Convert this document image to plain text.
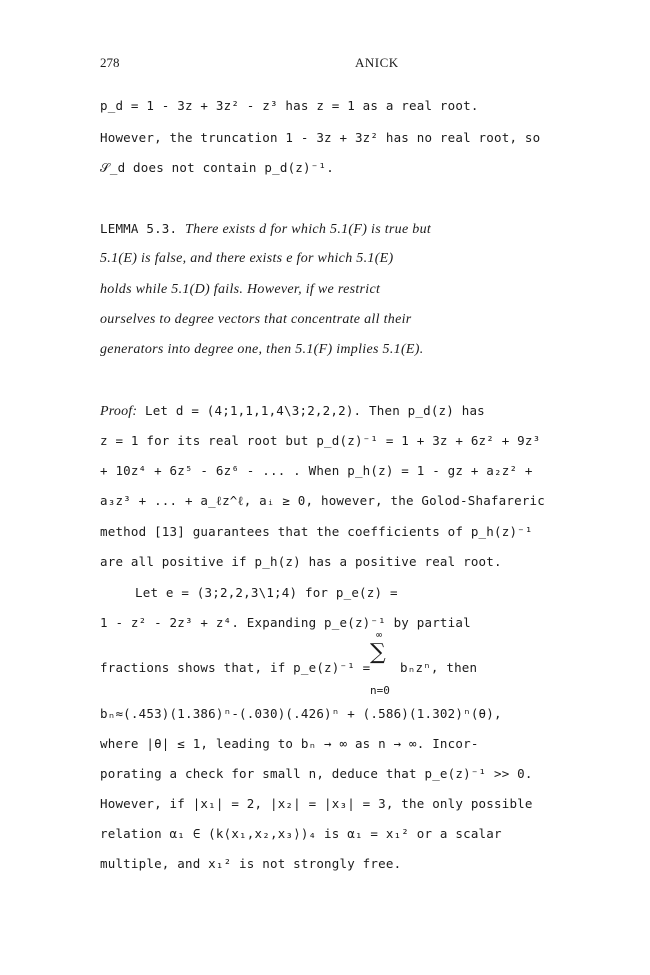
278	ANICK
p_d = 1 - 3z + 3z² - z³ has z = 1 as a real root.
However, the truncation 1 - 3z + 3z² has no real root, so
𝒮_d does not contain p_d(z)⁻¹.
LEMMA 5.3. There exists d for which 5.1(F) is true but
5.1(E) is false, and there exists e for which 5.1(E)
holds while 5.1(D) fails. However, if we restrict
ourselves to degree vectors that concentrate all their
generators into degree one, then 5.1(F) implies 5.1(E).
Proof: Let d = (4;1,1,1,4\3;2,2,2). Then p_d(z) has
z = 1 for its real root but p_d(z)⁻¹ = 1 + 3z + 6z² + 9z³
+ 10z⁴ + 6z⁵ - 6z⁶ - ... . When p_h(z) = 1 - gz + a₂z² +
a₃z³ + ... + a_ℓz^ℓ, aᵢ ≥ 0, however, the Golod-Shafareric
method [13] guarantees that the coefficients of p_h(z)⁻¹
are all positive if p_h(z) has a positive real root.
Let e = (3;2,2,3\1;4) for p_e(z) =
1 - z² - 2z³ + z⁴. Expanding p_e(z)⁻¹ by partial
fractions shows that, if p_e(z)⁻¹ =
∞
∑
n=0
bₙzⁿ, then
bₙ≈(.453)(1.386)ⁿ-(.030)(.426)ⁿ + (.586)(1.302)ⁿ(θ),
where |θ| ≤ 1, leading to bₙ → ∞ as n → ∞. Incor-
porating a check for small n, deduce that p_e(z)⁻¹ >> 0.
However, if |x₁| = 2, |x₂| = |x₃| = 3, the only possible
relation α₁ ∈ (k⟨x₁,x₂,x₃⟩)₄ is α₁ = x₁² or a scalar
multiple, and x₁² is not strongly free.
